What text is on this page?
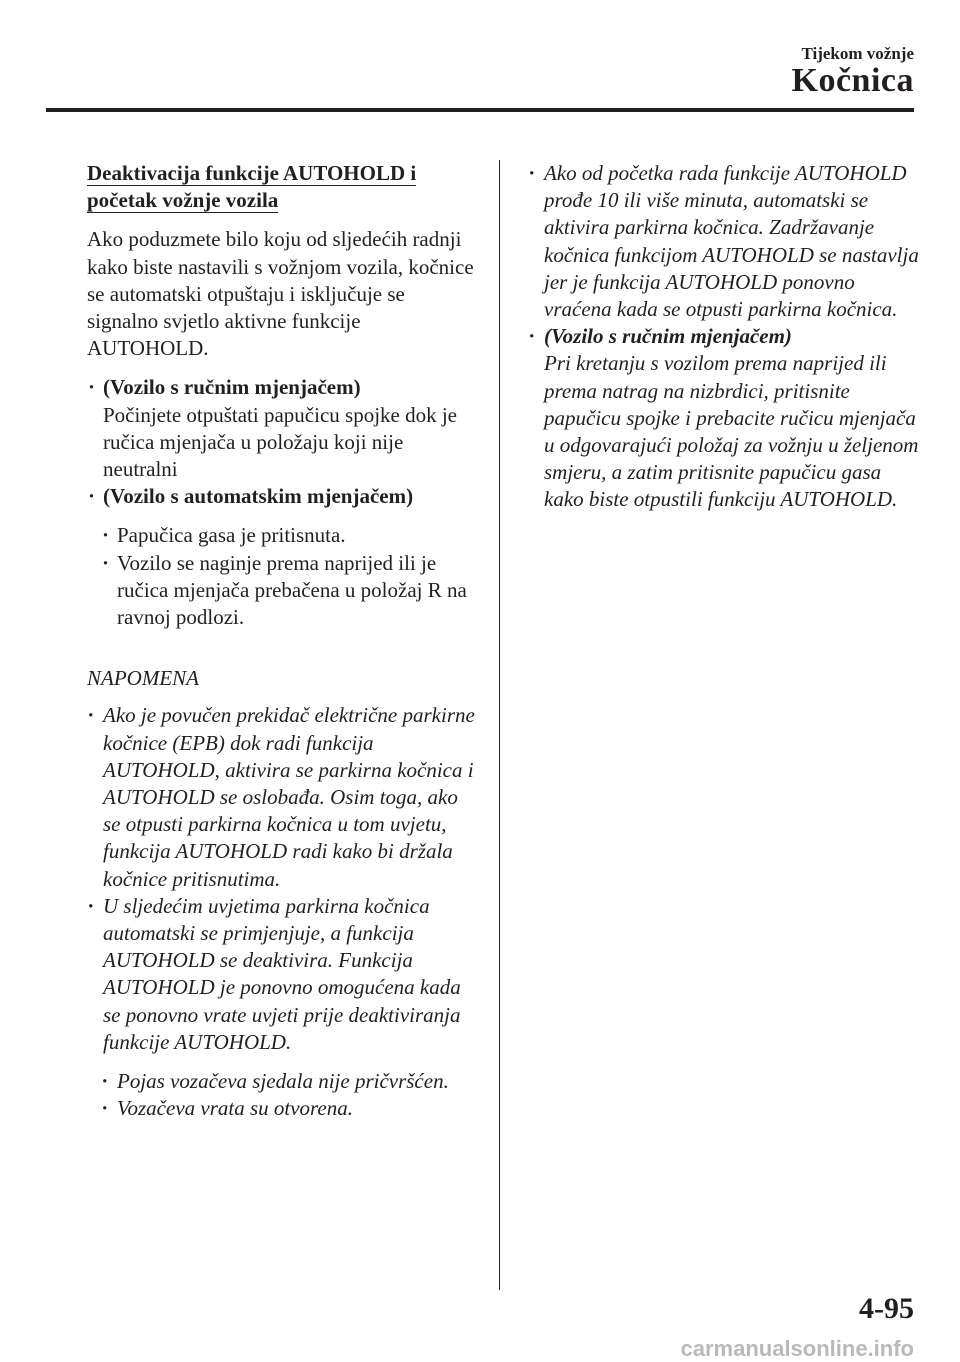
Tijekom vožnje
Kočnica
Deaktivacija funkcije AUTOHOLD i
početak vožnje vozila

Ako poduzmete bilo koju od sljedećih radnji kako biste nastavili s vožnjom vozila, kočnice se automatski otpuštaju i isključuje se signalno svjetlo aktivne funkcije AUTOHOLD.

· (Vozilo s ručnim mjenjačem)
Počinjete otpuštati papučicu spojke dok je ručica mjenjača u položaju koji nije neutralni
· (Vozilo s automatskim mjenjačem)
· Papučica gasa je pritisnuta.
· Vozilo se naginje prema naprijed ili je ručica mjenjača prebačena u položaj R na ravnoj podlozi.
NAPOMENA
· Ako je povučen prekidač električne parkirne kočnice (EPB) dok radi funkcija AUTOHOLD, aktivira se parkirna kočnica i AUTOHOLD se oslobađa. Osim toga, ako se otpusti parkirna kočnica u tom uvjetu, funkcija AUTOHOLD radi kako bi držala kočnice pritisnutima.
· U sljedećim uvjetima parkirna kočnica automatski se primjenjuje, a funkcija AUTOHOLD se deaktivira. Funkcija AUTOHOLD je ponovno omogućena kada se ponovno vrate uvjeti prije deaktiviranja funkcije AUTOHOLD.
· Pojas vozačeva sjedala nije pričvršćen.
· Vozačeva vrata su otvorena.
· Ako od početka rada funkcije AUTOHOLD prođe 10 ili više minuta, automatski se aktivira parkirna kočnica. Zadržavanje kočnica funkcijom AUTOHOLD se nastavlja jer je funkcija AUTOHOLD ponovno vraćena kada se otpusti parkirna kočnica.
· (Vozilo s ručnim mjenjačem)
Pri kretanju s vozilom prema naprijed ili prema natrag na nizbrdici, pritisnite papučicu spojke i prebacite ručicu mjenjača u odgovarajući položaj za vožnju u željenom smjeru, a zatim pritisnite papučicu gasa kako biste otpustili funkciju AUTOHOLD.
4-95
carmanualsonline.info
